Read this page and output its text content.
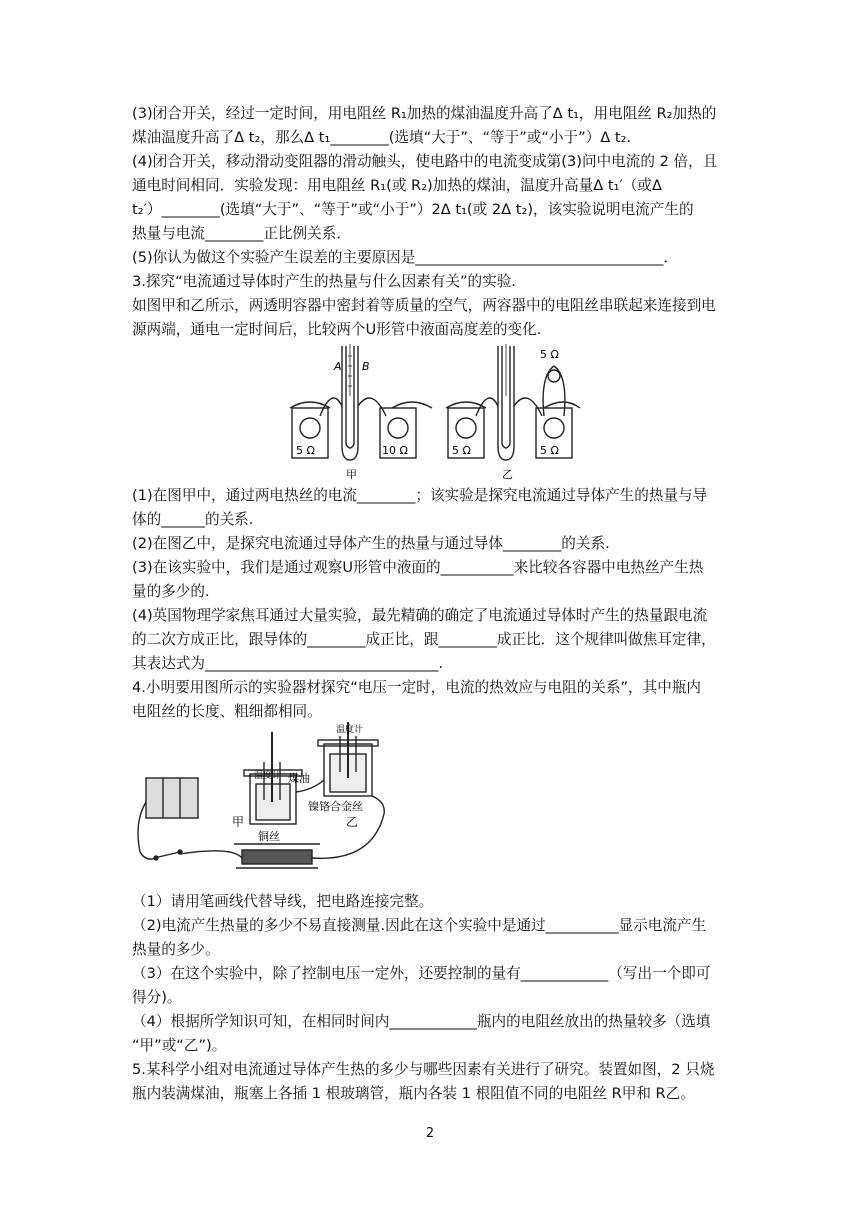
(3)闭合开关，经过一定时间，用电阻丝 R₁加热的煤油温度升高了Δ t₁，用电阻丝 R₂加热的
煤油温度升高了Δ t₂，那么Δ t₁________(选填“大于”、“等于”或“小于”）Δ t₂.
(4)闭合开关，移动滑动变阻器的滑动触头，使电路中的电流变成第(3)问中电流的 2 倍，且
通电时间相同．实验发现：用电阻丝 R₁(或 R₂)加热的煤油，温度升高量Δ t₁′（或Δ
t₂′）________(选填“大于”、“等于”或“小于”）2Δ t₁(或 2Δ t₂)，该实验说明电流产生的
热量与电流________正比例关系．
(5)你认为做这个实验产生误差的主要原因是__________________________________．
3.探究“电流通过导体时产生的热量与什么因素有关”的实验.
如图甲和乙所示，两透明容器中密封着等质量的空气，两容器中的电阻丝串联起来连接到电
源两端，通电一定时间后，比较两个U形管中液面高度差的变化.
A B
5 Ω	10 Ω
甲
5 Ω	5 Ω
5 Ω
乙
(1)在图甲中，通过两电热丝的电流________；该实验是探究电流通过导体产生的热量与导
体的______的关系.
(2)在图乙中，是探究电流通过导体产生的热量与通过导体________的关系.
(3)在该实验中，我们是通过观察U形管中液面的__________来比较各容器中电热丝产生热
量的多少的.
(4)英国物理学家焦耳通过大量实验，最先精确的确定了电流通过导体时产生的热量跟电流
的二次方成正比，跟导体的________成正比，跟________成正比．这个规律叫做焦耳定律，
其表达式为________________________________.
4.小明要用图所示的实验器材探究“电压一定时，电流的热效应与电阻的关系”，其中瓶内
电阻丝的长度、粗细都相同。
温度计
温度计
煤油
镍铬合金丝
铜丝
甲	乙
（1）请用笔画线代替导线，把电路连接完整。
（2)电流产生热量的多少不易直接测量.因此在这个实验中是通过__________显示电流产生
热量的多少。
（3）在这个实验中，除了控制电压一定外，还要控制的量有____________（写出一个即可
得分)。
（4）根据所学知识可知，在相同时间内____________瓶内的电阻丝放出的热量较多（选填
“甲”或“乙”)。
5.某科学小组对电流通过导体产生热的多少与哪些因素有关进行了研究。装置如图，2 只烧
瓶内装满煤油，瓶塞上各插 1 根玻璃管，瓶内各装 1 根阻值不同的电阻丝 R甲和 R乙。
2
